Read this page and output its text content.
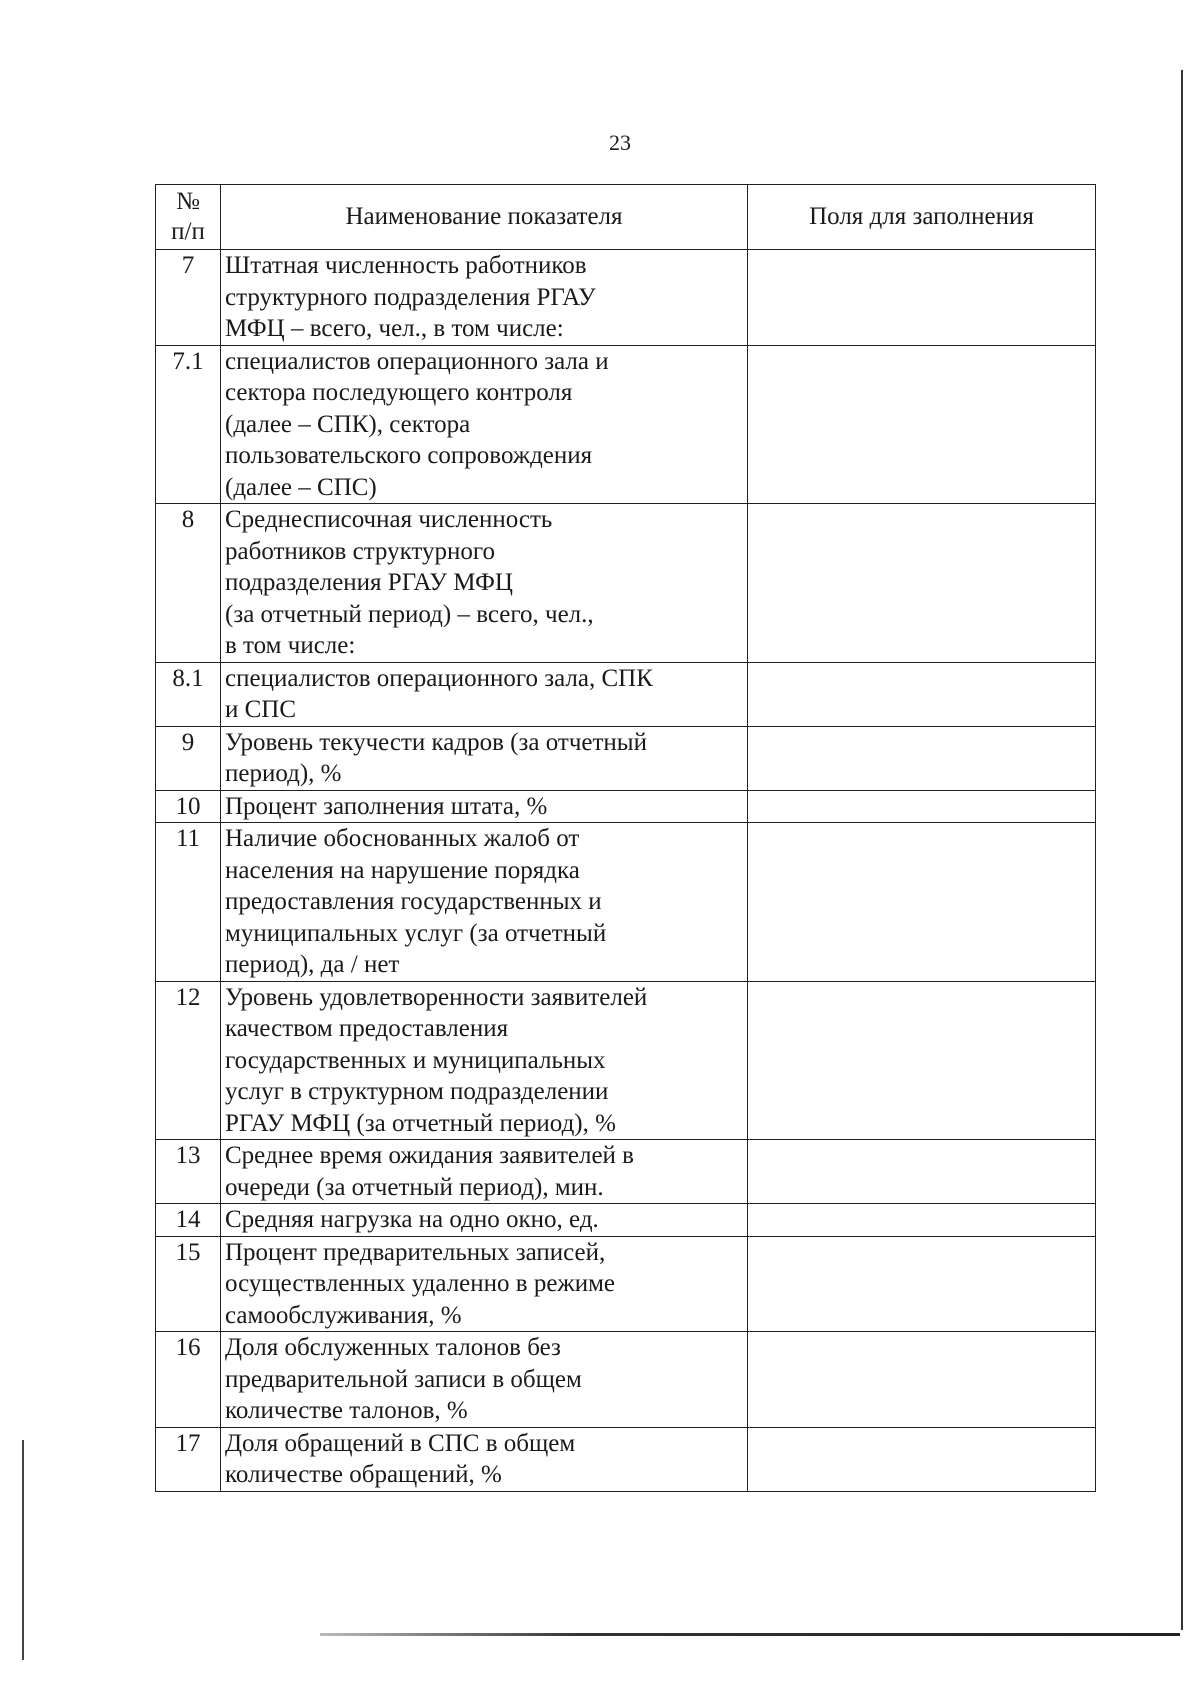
23
№
п/п	Наименование показателя	Поля для заполнения
7	Штатная численность работников
структурного подразделения РГАУ
МФЦ – всего, чел., в том числе:	
7.1	специалистов операционного зала и
сектора последующего контроля
(далее – СПК), сектора
пользовательского сопровождения
(далее – СПС)	
8	Среднесписочная численность
работников структурного
подразделения РГАУ МФЦ
(за отчетный период) – всего, чел.,
в том числе:	
8.1	специалистов операционного зала, СПК
и СПС	
9	Уровень текучести кадров (за отчетный
период), %	
10	Процент заполнения штата, %	
11	Наличие обоснованных жалоб от
населения на нарушение порядка
предоставления государственных и
муниципальных услуг (за отчетный
период), да / нет	
12	Уровень удовлетворенности заявителей
качеством предоставления
государственных и муниципальных
услуг в структурном подразделении
РГАУ МФЦ (за отчетный период), %	
13	Среднее время ожидания заявителей в
очереди (за отчетный период), мин.	
14	Средняя нагрузка на одно окно, ед.	
15	Процент предварительных записей,
осуществленных удаленно в режиме
самообслуживания, %	
16	Доля обслуженных талонов без
предварительной записи в общем
количестве талонов, %	
17	Доля обращений в СПС в общем
количестве обращений, %	
